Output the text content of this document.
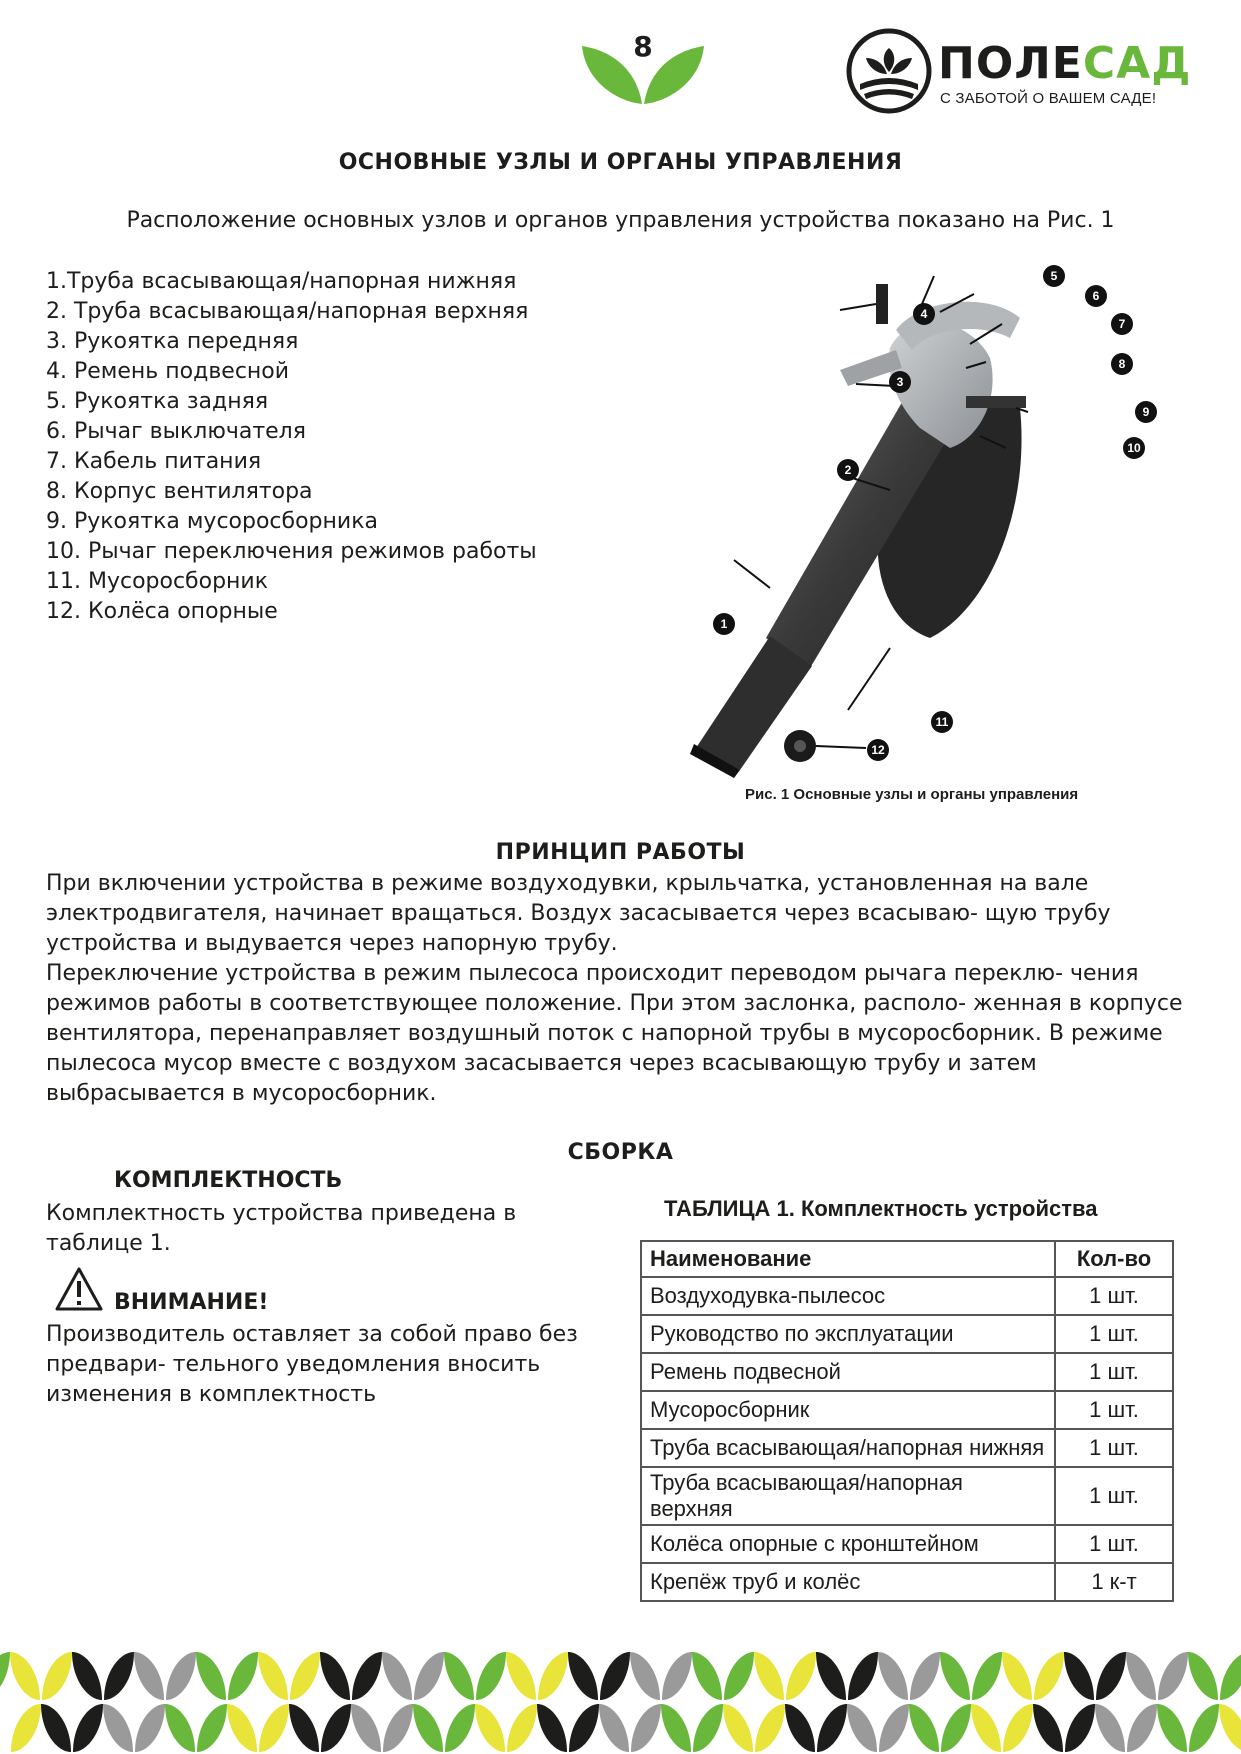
8	ПОЛЕСАД
С ЗАБОТОЙ О ВАШЕМ САДЕ!
ОСНОВНЫЕ УЗЛЫ И ОРГАНЫ УПРАВЛЕНИЯ
Расположение основных узлов и органов управления устройства показано на Рис. 1
1.Труба всасывающая/напорная нижняя
2. Труба всасывающая/напорная верхняя
3. Рукоятка передняя
4. Ремень подвесной
5. Рукоятка задняя
6. Рычаг выключателя
7. Кабель питания
8. Корпус вентилятора
9. Рукоятка мусоросборника
10. Рычаг переключения режимов работы
11. Мусоросборник
12. Колёса опорные	1
2
3
4
5
6
7
8
9
10
11
12
Рис. 1 Основные узлы и органы управления
ПРИНЦИП РАБОТЫ

При включении устройства в режиме воздуходувки, крыльчатка, установленная на вале электродвигателя, начинает вращаться. Воздух засасывается через всасываю- щую трубу устройства и выдувается через напорную трубу.

Переключение устройства в режим пылесоса происходит переводом рычага переклю- чения режимов работы в соответствующее положение. При этом заслонка, располо- женная в корпусе вентилятора, перенаправляет воздушный поток с напорной трубы в мусоросборник. В режиме пылесоса мусор вместе с воздухом засасывается через всасывающую трубу и затем выбрасывается в мусоросборник.

СБОРКА
КОМПЛЕКТНОСТЬ
Комплектность устройства приведена в таблице 1.
ВНИМАНИЕ!
Производитель оставляет за собой право без предвари- тельного уведомления вносить изменения в комплектность
ТАБЛИЦА 1. Комплектность устройства
Наименование	Кол-во
Воздуходувка-пылесос	1 шт.
Руководство по эксплуатации	1 шт.
Ремень подвесной	1 шт.
Мусоросборник	1 шт.
Труба всасывающая/напорная нижняя	1 шт.
Труба всасывающая/напорная верхняя	1 шт.
Колёса опорные с кронштейном	1 шт.
Крепёж труб и колёс	1 к-т
